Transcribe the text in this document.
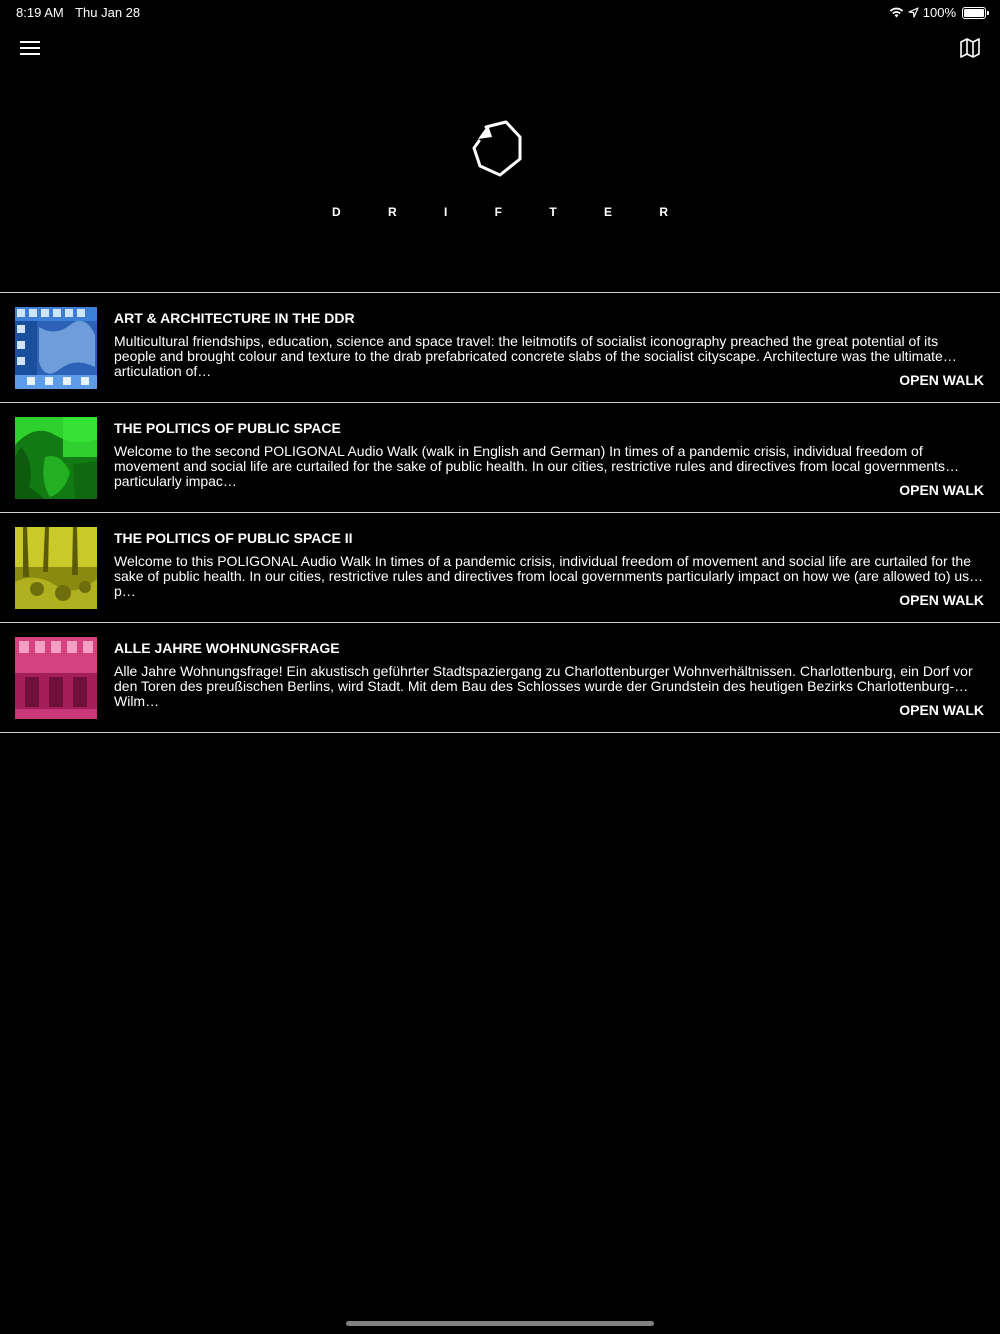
8:19 AM Thu Jan 28	100%
D R I F T E R
ART & ARCHITECTURE IN THE DDR
Multicultural friendships, education, science and space travel: the leitmotifs of socialist iconography preached the great potential of its people and brought colour and texture to the drab prefabricated concrete slabs of the socialist cityscape. Architecture was the ultimate articulation of…
OPEN WALK
THE POLITICS OF PUBLIC SPACE
Welcome to the second POLIGONAL Audio Walk (walk in English and German) In times of a pandemic crisis, individual freedom of movement and social life are curtailed for the sake of public health. In our cities, restrictive rules and directives from local governments particularly impac…
OPEN WALK
THE POLITICS OF PUBLIC SPACE II
Welcome to this POLIGONAL Audio Walk In times of a pandemic crisis, individual freedom of movement and social life are curtailed for the sake of public health. In our cities, restrictive rules and directives from local governments particularly impact on how we (are allowed to) use p…
OPEN WALK
ALLE JAHRE WOHNUNGSFRAGE
Alle Jahre Wohnungsfrage! Ein akustisch geführter Stadtspaziergang zu Charlottenburger Wohnverhältnissen. Charlottenburg, ein Dorf vor den Toren des preußischen Berlins, wird Stadt. Mit dem Bau des Schlosses wurde der Grundstein des heutigen Bezirks Charlottenburg-Wilm…
OPEN WALK
